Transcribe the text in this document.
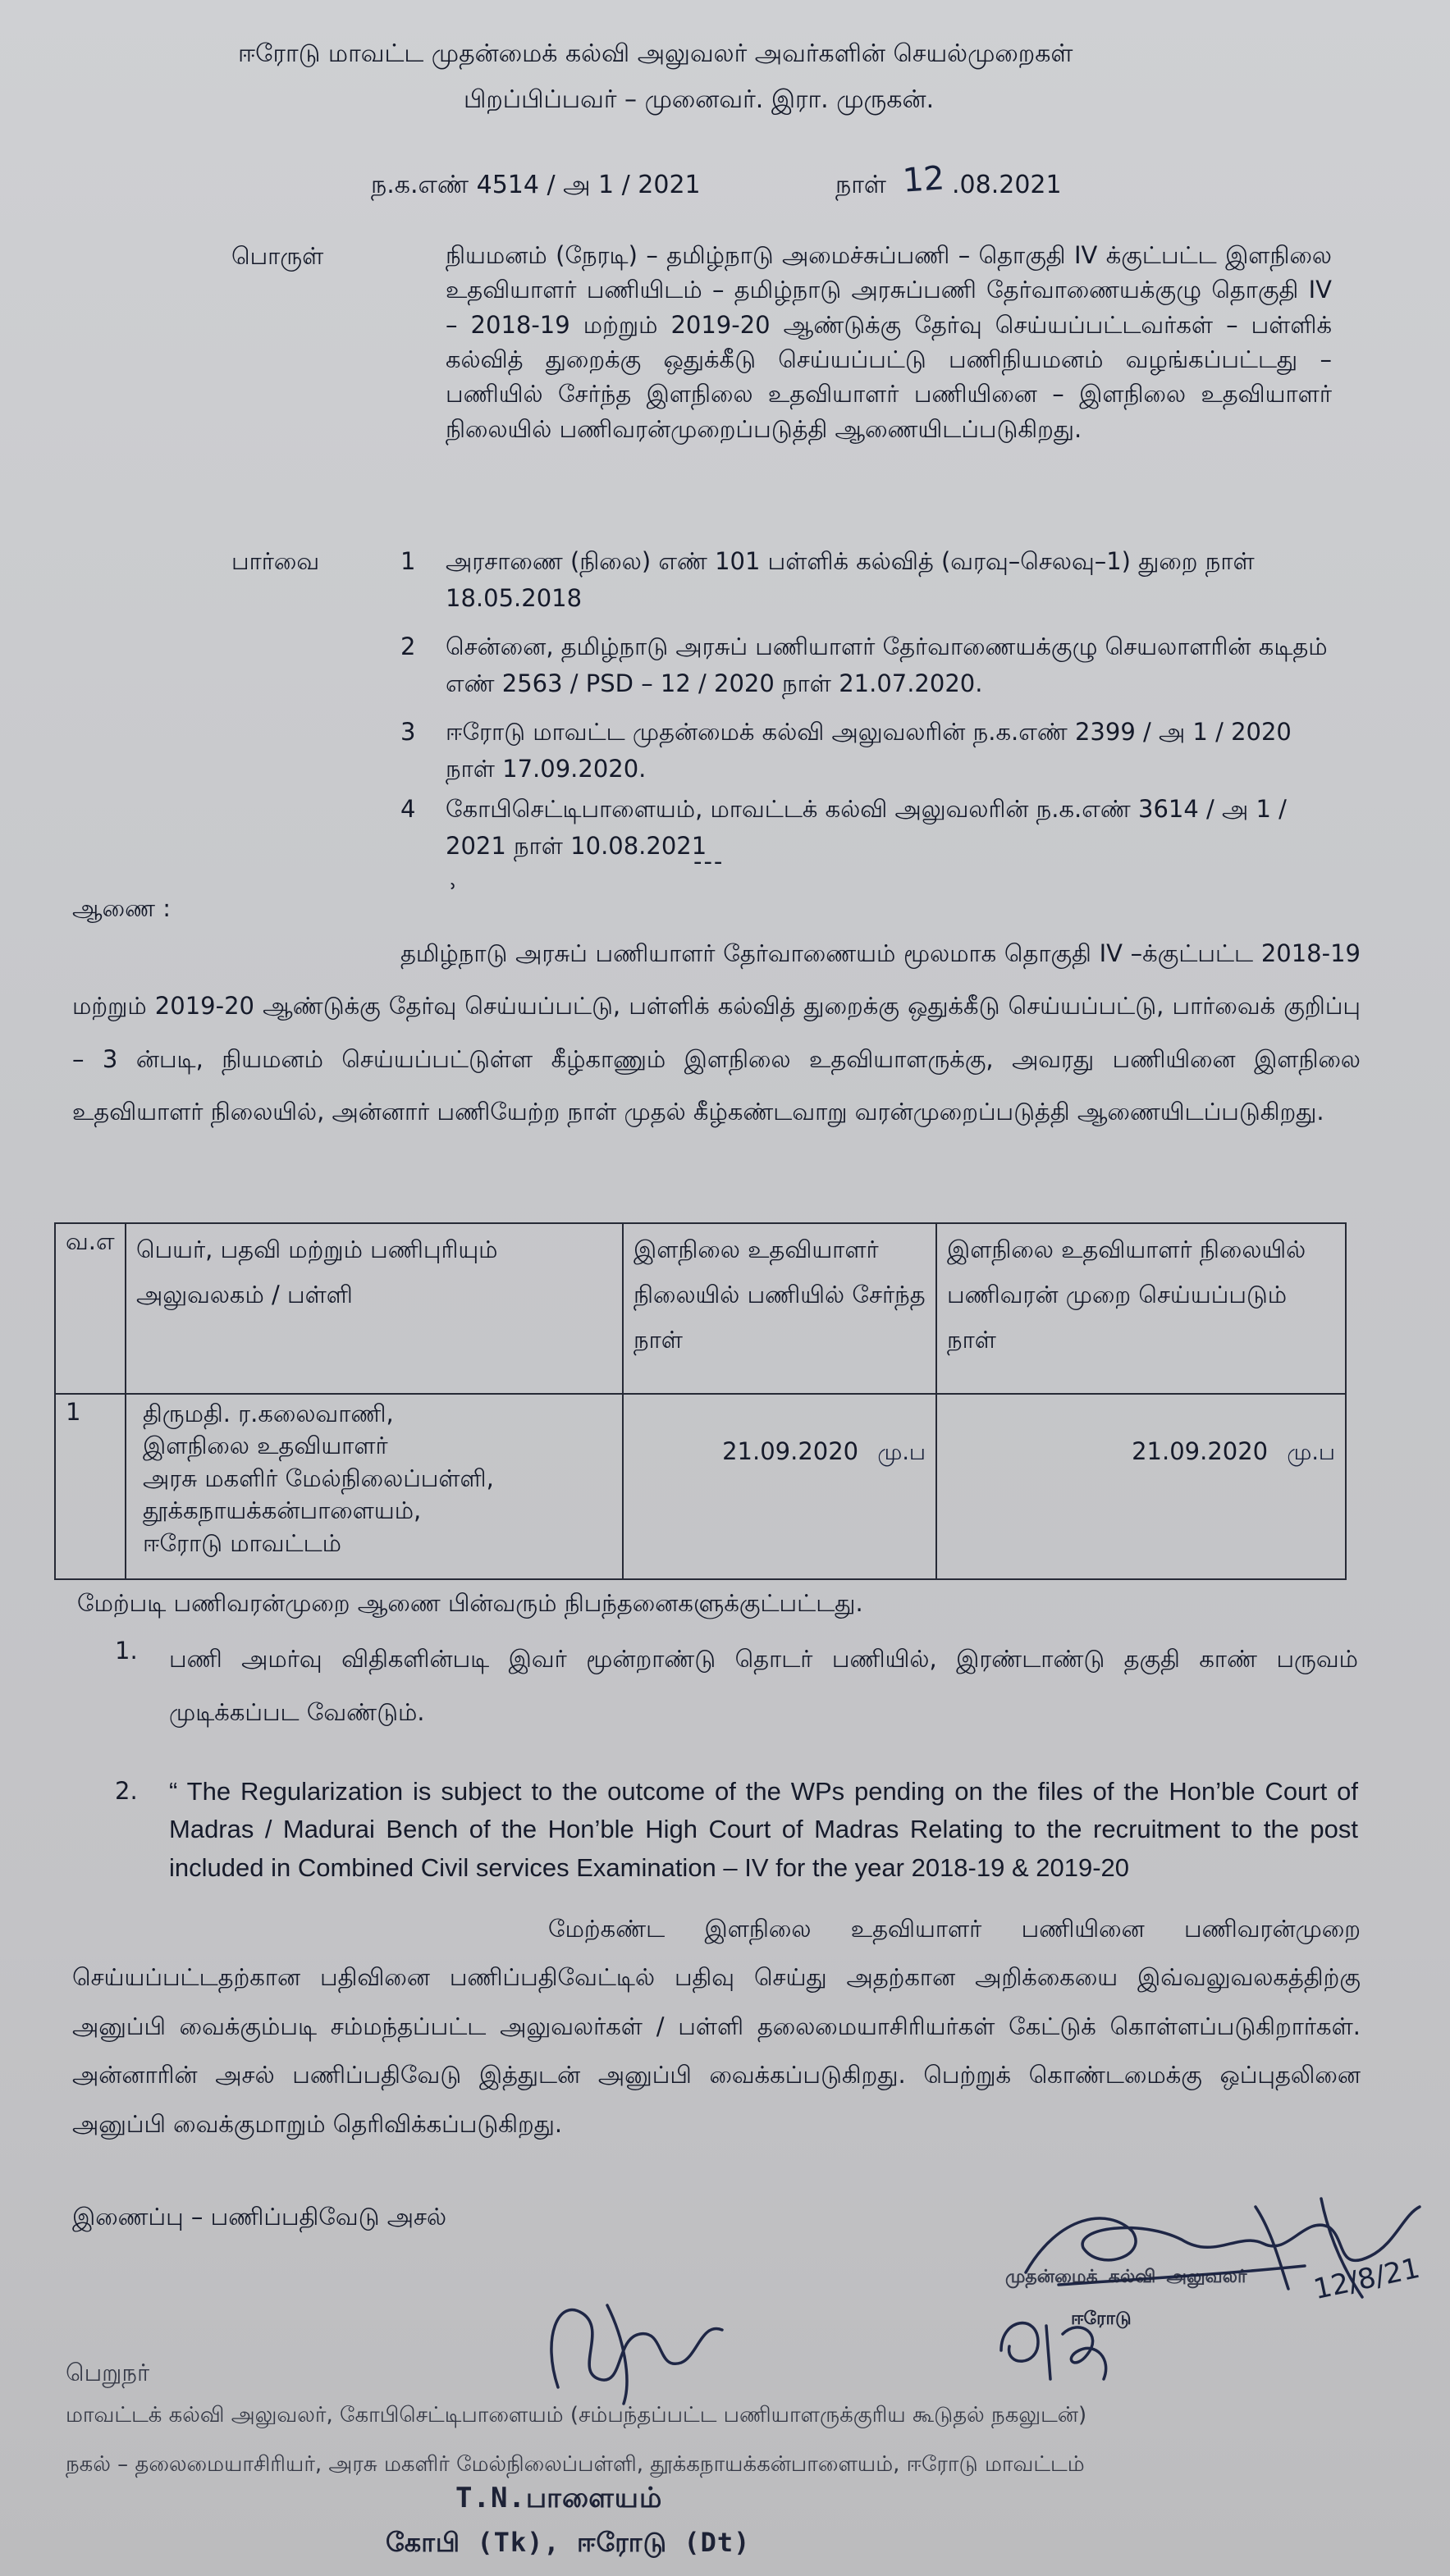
ஈரோடு மாவட்ட முதன்மைக் கல்வி அலுவலர் அவர்களின் செயல்முறைகள்
பிறப்பிப்பவர் – முனைவர். இரா. முருகன்.
ந.க.எண் 4514 / அ 1 / 2021	நாள் 12 .08.2021
பொருள்	நியமனம் (நேரடி) – தமிழ்நாடு அமைச்சுப்பணி – தொகுதி IV க்குட்பட்ட இளநிலை உதவியாளர் பணியிடம் – தமிழ்நாடு அரசுப்பணி தேர்வாணையக்குழு தொகுதி IV – 2018-19 மற்றும் 2019-20 ஆண்டுக்கு தேர்வு செய்யப்பட்டவர்கள் – பள்ளிக் கல்வித் துறைக்கு ஒதுக்கீடு செய்யப்பட்டு பணிநியமனம் வழங்கப்பட்டது – பணியில் சேர்ந்த இளநிலை உதவியாளர் பணியினை – இளநிலை உதவியாளர் நிலையில் பணிவரன்முறைப்படுத்தி ஆணையிடப்படுகிறது.
பார்வை	1	அரசாணை (நிலை) எண் 101 பள்ளிக் கல்வித் (வரவு–செலவு–1) துறை நாள் 18.05.2018
2	சென்னை, தமிழ்நாடு அரசுப் பணியாளர் தேர்வாணையக்குழு செயலாளரின் கடிதம் எண் 2563 / PSD – 12 / 2020 நாள் 21.07.2020.
3	ஈரோடு மாவட்ட முதன்மைக் கல்வி அலுவலரின் ந.க.எண் 2399 / அ 1 / 2020 நாள் 17.09.2020.
4	கோபிசெட்டிபாளையம், மாவட்டக் கல்வி அலுவலரின் ந.க.எண் 3614 / அ 1 / 2021 நாள் 10.08.2021
---
ஆணை :	ʾ
தமிழ்நாடு அரசுப் பணியாளர் தேர்வாணையம் மூலமாக தொகுதி IV –க்குட்பட்ட 2018-19 மற்றும் 2019-20 ஆண்டுக்கு தேர்வு செய்யப்பட்டு, பள்ளிக் கல்வித் துறைக்கு ஒதுக்கீடு செய்யப்பட்டு, பார்வைக் குறிப்பு – 3 ன்படி, நியமனம் செய்யப்பட்டுள்ள கீழ்காணும் இளநிலை உதவியாளருக்கு, அவரது பணியினை இளநிலை உதவியாளர் நிலையில், அன்னார் பணியேற்ற நாள் முதல் கீழ்கண்டவாறு வரன்முறைப்படுத்தி ஆணையிடப்படுகிறது.
வ.எ	பெயர், பதவி மற்றும் பணிபுரியும் அலுவலகம் / பள்ளி	இளநிலை உதவியாளர் நிலையில் பணியில் சேர்ந்த நாள்	இளநிலை உதவியாளர் நிலையில் பணிவரன் முறை செய்யப்படும் நாள்
1	திருமதி. ர.கலைவாணி,
இளநிலை உதவியாளர்
அரசு மகளிர் மேல்நிலைப்பள்ளி,
தூக்கநாயக்கன்பாளையம்,
ஈரோடு மாவட்டம்	21.09.2020 மு.ப	21.09.2020 மு.ப
மேற்படி பணிவரன்முறை ஆணை பின்வரும் நிபந்தனைகளுக்குட்பட்டது.
1.	பணி அமர்வு விதிகளின்படி இவர் மூன்றாண்டு தொடர் பணியில், இரண்டாண்டு தகுதி காண் பருவம் முடிக்கப்பட வேண்டும்.
2.	“ The Regularization is subject to the outcome of the WPs pending on the files of the Hon’ble Court of Madras / Madurai Bench of the Hon’ble High Court of Madras Relating to the recruitment to the post included in Combined Civil services Examination – IV for the year 2018-19 & 2019-20
மேற்கண்ட இளநிலை உதவியாளர் பணியினை பணிவரன்முறை செய்யப்பட்டதற்கான பதிவினை பணிப்பதிவேட்டில் பதிவு செய்து அதற்கான அறிக்கையை இவ்வலுவலகத்திற்கு அனுப்பி வைக்கும்படி சம்மந்தப்பட்ட அலுவலர்கள் / பள்ளி தலைமையாசிரியர்கள் கேட்டுக் கொள்ளப்படுகிறார்கள். அன்னாரின் அசல் பணிப்பதிவேடு இத்துடன் அனுப்பி வைக்கப்படுகிறது. பெற்றுக் கொண்டமைக்கு ஒப்புதலினை அனுப்பி வைக்குமாறும் தெரிவிக்கப்படுகிறது.
இணைப்பு – பணிப்பதிவேடு அசல்
முதன்மைக் கல்வி அலுவலர் 12/8/21
ஈரோடு
பெறுநர்
மாவட்டக் கல்வி அலுவலர், கோபிசெட்டிபாளையம் (சம்பந்தப்பட்ட பணியாளருக்குரிய கூடுதல் நகலுடன்)
நகல் – தலைமையாசிரியர், அரசு மகளிர் மேல்நிலைப்பள்ளி, தூக்கநாயக்கன்பாளையம், ஈரோடு மாவட்டம்
T.N.பாளையம்
கோபி (Tk), ஈரோடு (Dt)
